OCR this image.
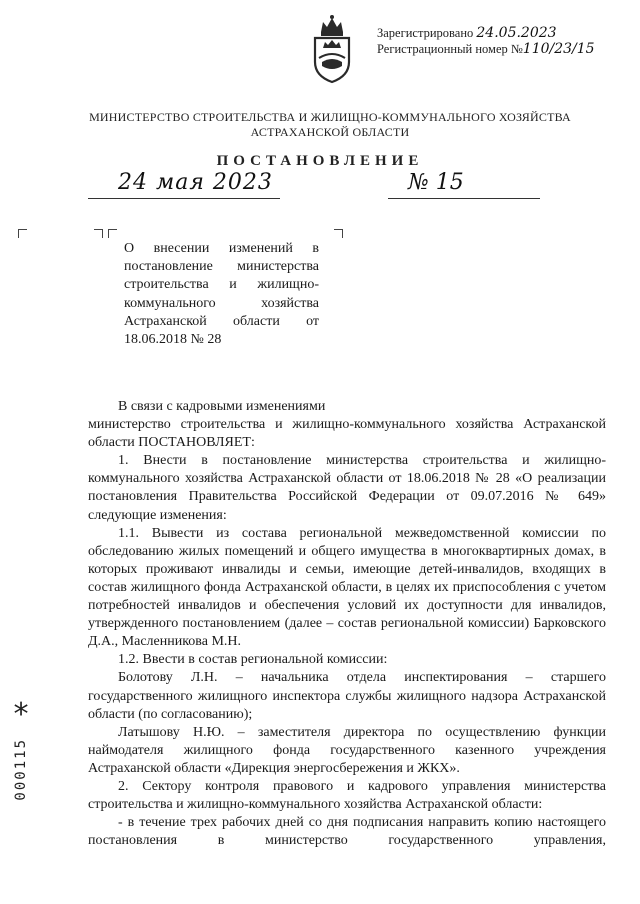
Зарегистрировано 24.05.2023
Регистрационный номер №110/23/15
МИНИСТЕРСТВО СТРОИТЕЛЬСТВА И ЖИЛИЩНО-КОММУНАЛЬНОГО ХОЗЯЙСТВА
АСТРАХАНСКОЙ ОБЛАСТИ
ПОСТАНОВЛЕНИЕ
24 мая 2023	№ 15
О внесении изменений в постановление министерства строительства и жилищно-коммунального хозяйства Астраханской области от 18.06.2018 № 28

В связи с кадровыми изменениями

министерство строительства и жилищно-коммунального хозяйства Астраханской области ПОСТАНОВЛЯЕТ:

1. Внести в постановление министерства строительства и жилищно-коммунального хозяйства Астраханской области от 18.06.2018 № 28 «О реализации постановления Правительства Российской Федерации от 09.07.2016 № 649» следующие изменения:

1.1. Вывести из состава региональной межведомственной комиссии по обследованию жилых помещений и общего имущества в многоквартирных домах, в которых проживают инвалиды и семьи, имеющие детей-инвалидов, входящих в состав жилищного фонда Астраханской области, в целях их приспособления с учетом потребностей инвалидов и обеспечения условий их доступности для инвалидов, утвержденного постановлением (далее – состав региональной комиссии) Барковского Д.А., Масленникова М.Н.

1.2. Ввести в состав региональной комиссии:

Болотову Л.Н. – начальника отдела инспектирования – старшего государственного жилищного инспектора службы жилищного надзора Астраханской области (по согласованию);

Латышову Н.Ю. – заместителя директора по осуществлению функции наймодателя жилищного фонда государственного казенного учреждения Астраханской области «Дирекция энергосбережения и ЖКХ».

2. Сектору контроля правового и кадрового управления министерства строительства и жилищно-коммунального хозяйства Астраханской области:

- в течение трех рабочих дней со дня подписания направить копию настоящего постановления в министерство государственного управления,

*
000115
